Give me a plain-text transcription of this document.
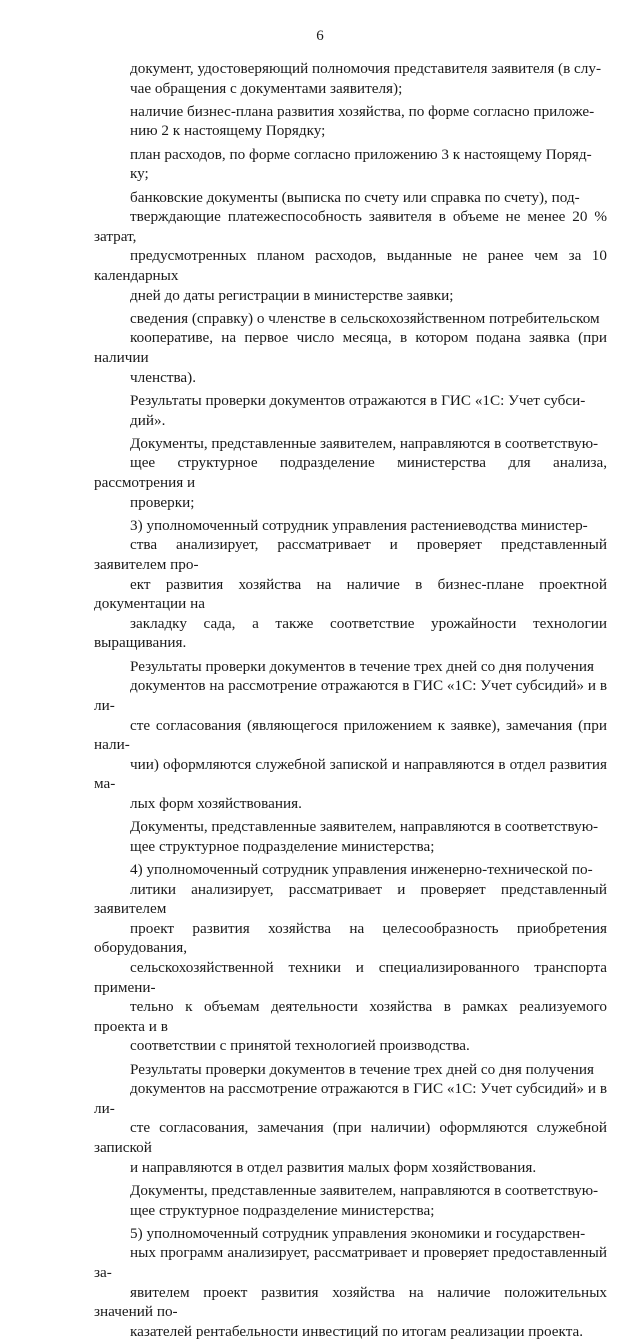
6

документ, удостоверяющий полномочия представителя заявителя (в слу-
чае обращения с документами заявителя);

наличие бизнес-плана развития хозяйства, по форме согласно приложе-
нию 2 к настоящему Порядку;

план расходов, по форме согласно приложению 3 к настоящему Поряд-
ку;

банковские документы (выписка по счету или справка по счету), под-
тверждающие платежеспособность заявителя в объеме не менее 20 % затрат,
предусмотренных планом расходов, выданные не ранее чем за 10 календарных
дней до даты регистрации в министерстве заявки;

сведения (справку) о членстве в сельскохозяйственном потребительском
кооперативе, на первое число месяца, в котором подана заявка (при наличии
членства).

Результаты проверки документов отражаются в ГИС «1С: Учет субси-
дий».

Документы, представленные заявителем, направляются в соответствую-
щее структурное подразделение министерства для анализа, рассмотрения и
проверки;

3) уполномоченный сотрудник управления растениеводства министер-
ства анализирует, рассматривает и проверяет представленный заявителем про-
ект развития хозяйства на наличие в бизнес-плане проектной документации на
закладку сада, а также соответствие урожайности технологии выращивания.

Результаты проверки документов в течение трех дней со дня получения
документов на рассмотрение отражаются в ГИС «1С: Учет субсидий» и в ли-
сте согласования (являющегося приложением к заявке), замечания (при нали-
чии) оформляются служебной запиской и направляются в отдел развития ма-
лых форм хозяйствования.

Документы, представленные заявителем, направляются в соответствую-
щее структурное подразделение министерства;

4) уполномоченный сотрудник управления инженерно-технической по-
литики анализирует, рассматривает и проверяет представленный заявителем
проект развития хозяйства на целесообразность приобретения оборудования,
сельскохозяйственной техники и специализированного транспорта примени-
тельно к объемам деятельности хозяйства в рамках реализуемого проекта и в
соответствии с принятой технологией производства.

Результаты проверки документов в течение трех дней со дня получения
документов на рассмотрение отражаются в ГИС «1С: Учет субсидий» и в ли-
сте согласования, замечания (при наличии) оформляются служебной запиской
и направляются в отдел развития малых форм хозяйствования.

Документы, представленные заявителем, направляются в соответствую-
щее структурное подразделение министерства;

5) уполномоченный сотрудник управления экономики и государствен-
ных программ анализирует, рассматривает и проверяет предоставленный за-
явителем проект развития хозяйства на наличие положительных значений по-
казателей рентабельности инвестиций по итогам реализации проекта.
